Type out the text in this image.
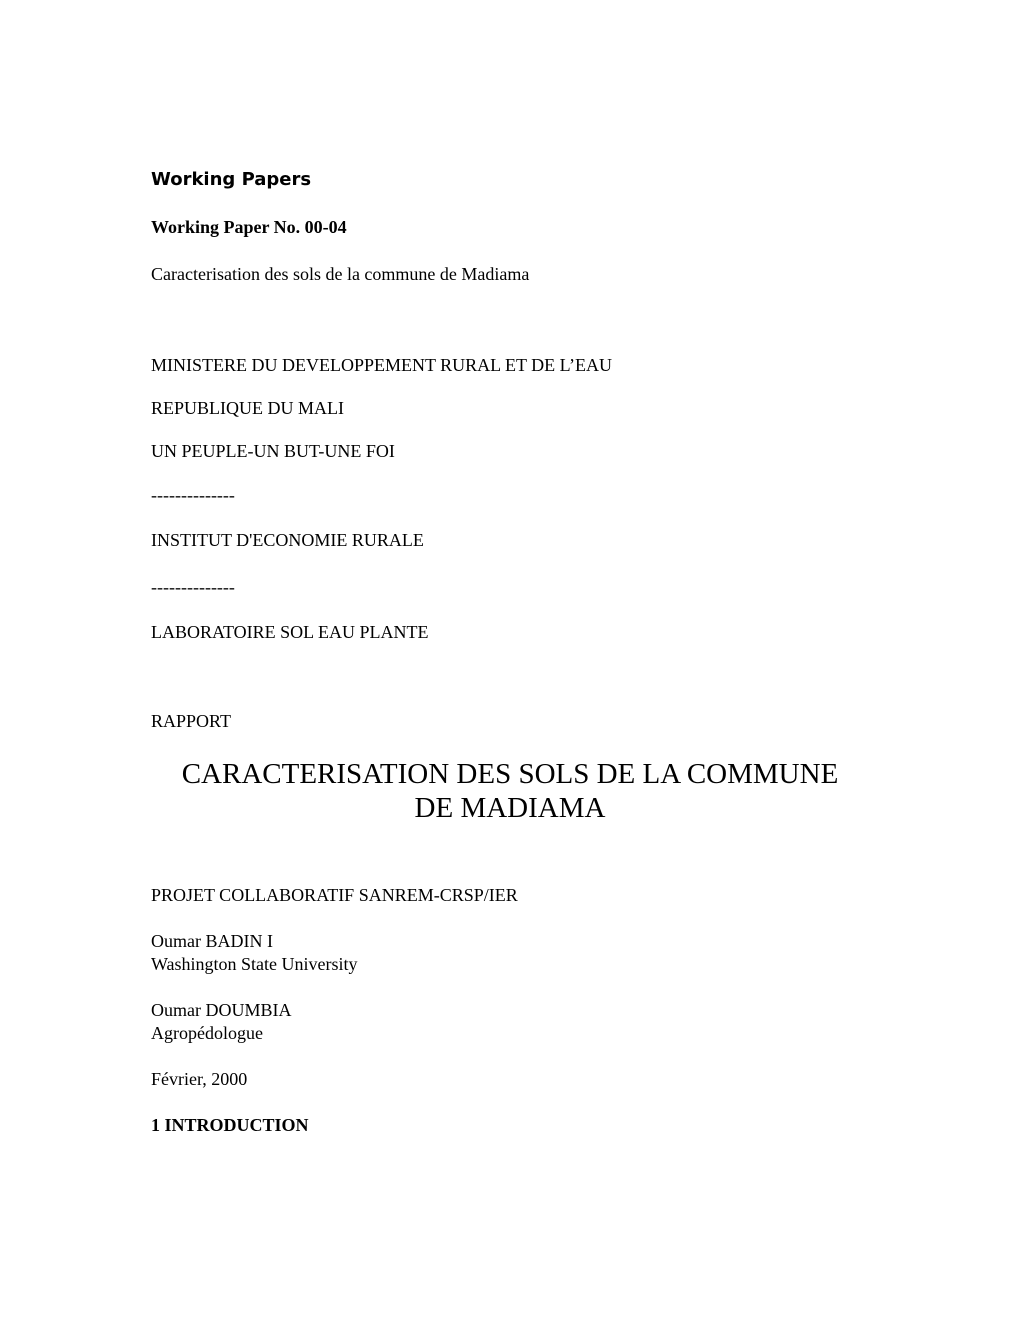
Working Papers
Working Paper No. 00-04
Caracterisation des sols de la commune de Madiama
MINISTERE DU DEVELOPPEMENT RURAL ET DE L’EAU
REPUBLIQUE DU MALI
UN PEUPLE-UN BUT-UNE FOI
--------------
INSTITUT D'ECONOMIE RURALE
--------------
LABORATOIRE SOL EAU PLANTE
RAPPORT
CARACTERISATION DES SOLS DE LA COMMUNE
DE MADIAMA
PROJET COLLABORATIF SANREM-CRSP/IER
Oumar BADIN I
Washington State University
Oumar DOUMBIA
Agropédologue
Février, 2000
1 INTRODUCTION
